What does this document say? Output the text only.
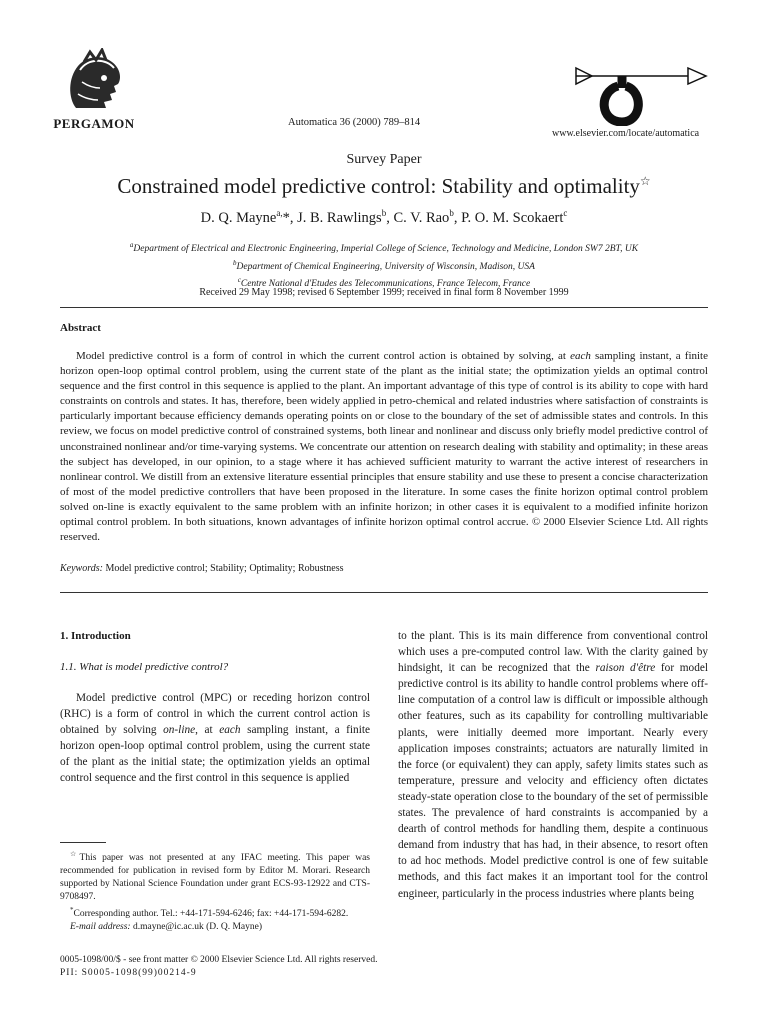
PERGAMON	Automatica 36 (2000) 789–814
www.elsevier.com/locate/automatica
Survey Paper
Constrained model predictive control: Stability and optimality☆
D. Q. Mayne$^{a,}$*, J. B. Rawlings$^b$, C. V. Rao$^b$, P. O. M. Scokaert$^c$
$^a$Department of Electrical and Electronic Engineering, Imperial College of Science, Technology and Medicine, London SW7 2BT, UK
$^b$Department of Chemical Engineering, University of Wisconsin, Madison, USA
$^c$Centre National d'Etudes des Telecommunications, France Telecom, France
Received 29 May 1998; revised 6 September 1999; received in final form 8 November 1999
Abstract

Model predictive control is a form of control in which the current control action is obtained by solving, at each sampling instant, a finite horizon open-loop optimal control problem, using the current state of the plant as the initial state; the optimization yields an optimal control sequence and the first control in this sequence is applied to the plant. An important advantage of this type of control is its ability to cope with hard constraints on controls and states. It has, therefore, been widely applied in petro-chemical and related industries where satisfaction of constraints is particularly important because efficiency demands operating points on or close to the boundary of the set of admissible states and controls. In this review, we focus on model predictive control of constrained systems, both linear and nonlinear and discuss only briefly model predictive control of unconstrained nonlinear and/or time-varying systems. We concentrate our attention on research dealing with stability and optimality; in these areas the subject has developed, in our opinion, to a stage where it has achieved sufficient maturity to warrant the active interest of researchers in nonlinear control. We distill from an extensive literature essential principles that ensure stability and use these to present a concise characterization of most of the model predictive controllers that have been proposed in the literature. In some cases the finite horizon optimal control problem solved on-line is exactly equivalent to the same problem with an infinite horizon; in other cases it is equivalent to a modified infinite horizon optimal control problem. In both situations, known advantages of infinite horizon optimal control accrue. © 2000 Elsevier Science Ltd. All rights reserved.

Keywords: Model predictive control; Stability; Optimality; Robustness
1. Introduction
1.1. What is model predictive control?

Model predictive control (MPC) or receding horizon control (RHC) is a form of control in which the current control action is obtained by solving on-line, at each sampling instant, a finite horizon open-loop optimal control problem, using the current state of the plant as the initial state; the optimization yields an optimal control sequence and the first control in this sequence is applied

☆This paper was not presented at any IFAC meeting. This paper was recommended for publication in revised form by Editor M. Morari. Research supported by National Science Foundation under grant ECS-93-12922 and CTS-9708497.

*Corresponding author. Tel.: +44-171-594-6246; fax: +44-171-594-6282.

E-mail address: d.mayne@ic.ac.uk (D. Q. Mayne)

to the plant. This is its main difference from conventional control which uses a pre-computed control law. With the clarity gained by hindsight, it can be recognized that the raison d'être for model predictive control is its ability to handle control problems where off-line computation of a control law is difficult or impossible although other features, such as its capability for controlling multivariable plants, were initially deemed more important. Nearly every application imposes constraints; actuators are naturally limited in the force (or equivalent) they can apply, safety limits states such as temperature, pressure and velocity and efficiency often dictates steady-state operation close to the boundary of the set of permissible states. The prevalence of hard constraints is accompanied by a dearth of control methods for handling them, despite a continuous demand from industry that has had, in their absence, to resort often to ad hoc methods. Model predictive control is one of few suitable methods, and this fact makes it an important tool for the control engineer, particularly in the process industries where plants being

0005-1098/00/$ - see front matter © 2000 Elsevier Science Ltd. All rights reserved.

PII: S0005-1098(99)00214-9
